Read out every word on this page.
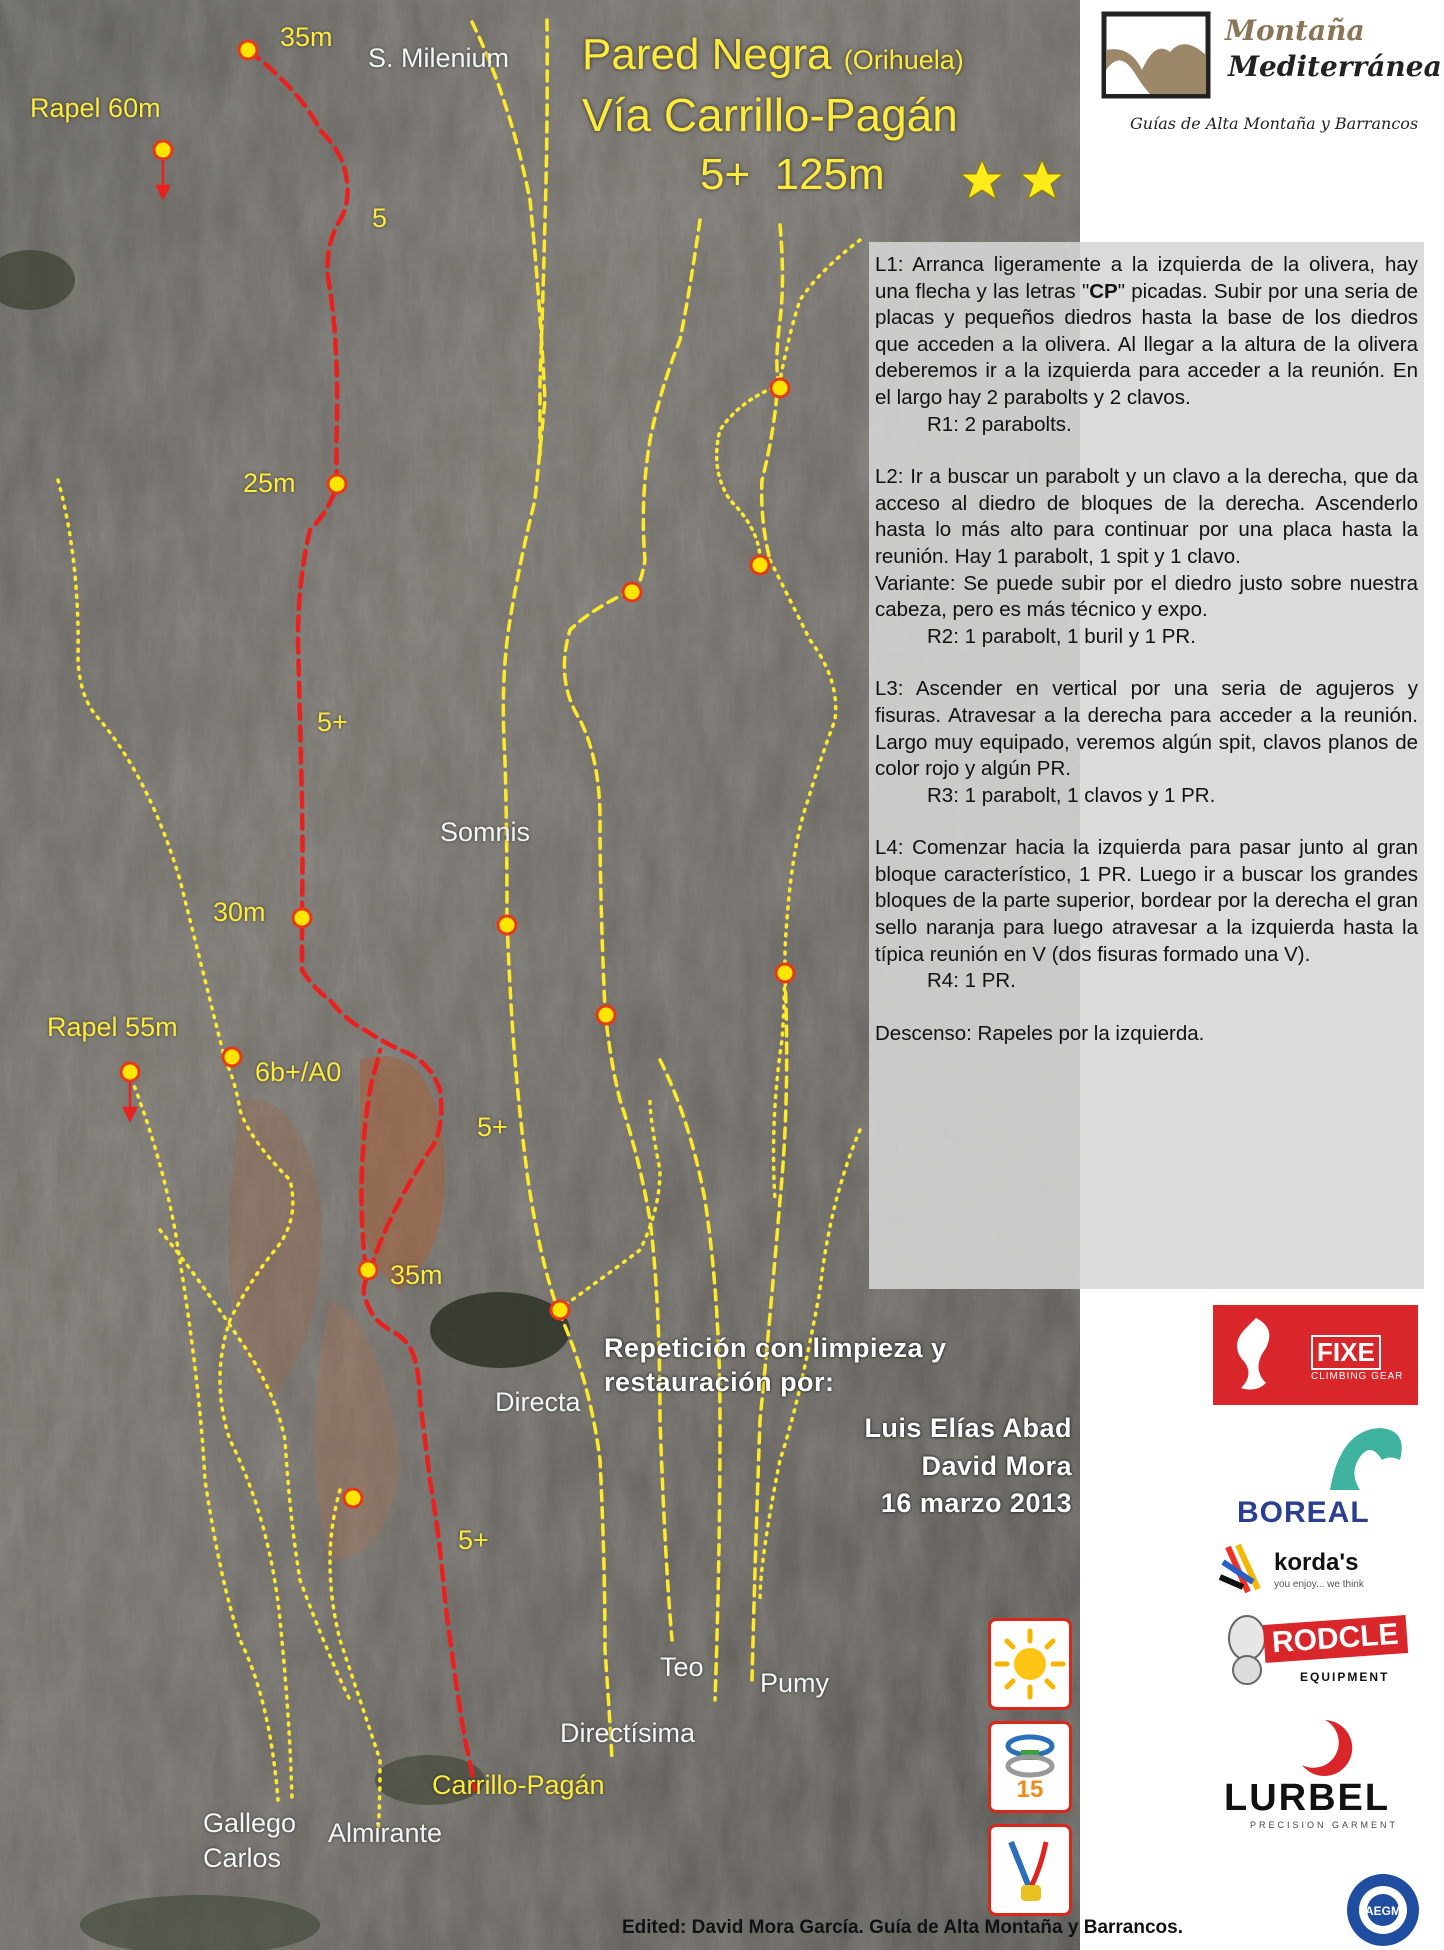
35m
S. Milenium
Rapel 60m
5
25m
5+
Somnis
30m
Rapel 55m
6b+/A0
5+
35m
Directa
5+
Teo
Pumy
Directísima
Carrillo-Pagán
Gallego
Carlos
Almirante
Pared Negra (Orihuela)
Vía Carrillo-Pagán
5+  125m
Montaña
Mediterránea
Guías de Alta Montaña y Barrancos

L1: Arranca ligeramente a la izquierda de la olivera, hay una flecha y las letras "CP" picadas. Subir por una seria de placas y pequeños diedros hasta la base de los diedros que acceden a la olivera. Al llegar a la altura de la olivera deberemos ir a la izquierda para acceder a la reunión. En el largo hay 2 parabolts y 2 clavos.
R1: 2 parabolts.

L2: Ir a buscar un parabolt y un clavo a la derecha, que da acceso al diedro de bloques de la derecha. Ascenderlo hasta lo más alto para continuar por una placa hasta la reunión. Hay 1 parabolt, 1 spit y 1 clavo.

Variante: Se puede subir por el diedro justo sobre nuestra cabeza, pero es más técnico y expo.
R2: 1 parabolt, 1 buril y 1 PR.

L3: Ascender en vertical por una seria de agujeros y fisuras. Atravesar a la derecha para acceder a la reunión. Largo muy equipado, veremos algún spit, clavos planos de color rojo y algún PR.
R3: 1 parabolt, 1 clavos y 1 PR.

L4: Comenzar hacia la izquierda para pasar junto al gran bloque característico, 1 PR. Luego ir a buscar los grandes bloques de la parte superior, bordear por la derecha el gran sello naranja para luego atravesar a la izquierda hasta la típica reunión en V (dos fisuras formado una V).
R4: 1 PR.

Descenso: Rapeles por la izquierda.

Repetición con limpieza y
restauración por:
Luis Elías Abad
David Mora
16 marzo 2013
15
FIXE
CLIMBING GEAR
BOREAL
korda's
you enjoy... we think
RODCLE
EQUIPMENT
LURBEL
PRECISION GARMENT
AEGM
Edited: David Mora García. Guía de Alta Montaña y Barrancos.
